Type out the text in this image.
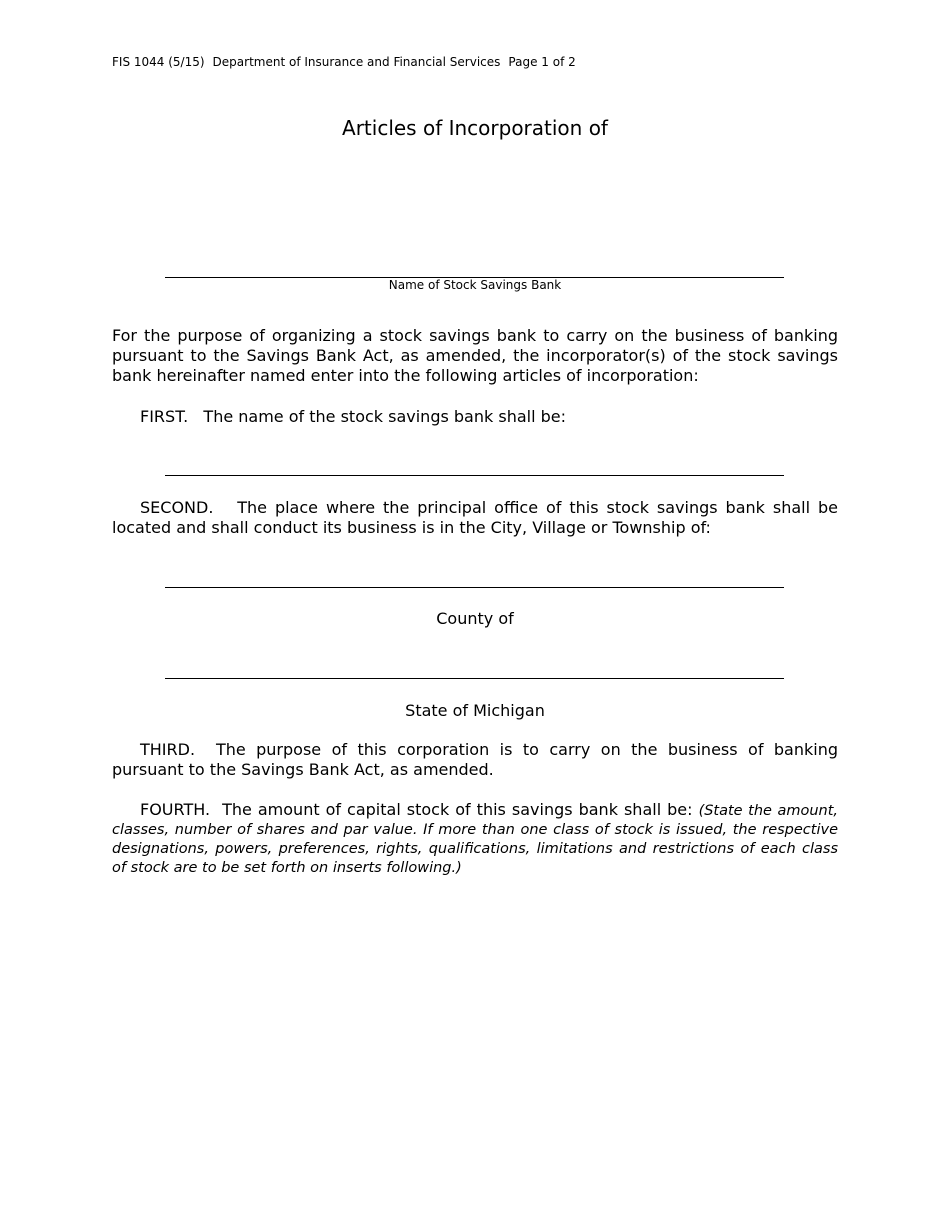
FIS 1044 (5/15) Department of Insurance and Financial Services Page 1 of 2
Articles of Incorporation of
Name of Stock Savings Bank
For the purpose of organizing a stock savings bank to carry on the business of banking pursuant to the Savings Bank Act, as amended, the incorporator(s) of the stock savings bank hereinafter named enter into the following articles of incorporation:
FIRST. The name of the stock savings bank shall be:
SECOND. The place where the principal office of this stock savings bank shall be located and shall conduct its business is in the City, Village or Township of:
County of
State of Michigan
THIRD. The purpose of this corporation is to carry on the business of banking pursuant to the Savings Bank Act, as amended.
FOURTH. The amount of capital stock of this savings bank shall be: (State the amount, classes, number of shares and par value. If more than one class of stock is issued, the respective designations, powers, preferences, rights, qualifications, limitations and restrictions of each class of stock are to be set forth on inserts following.)
